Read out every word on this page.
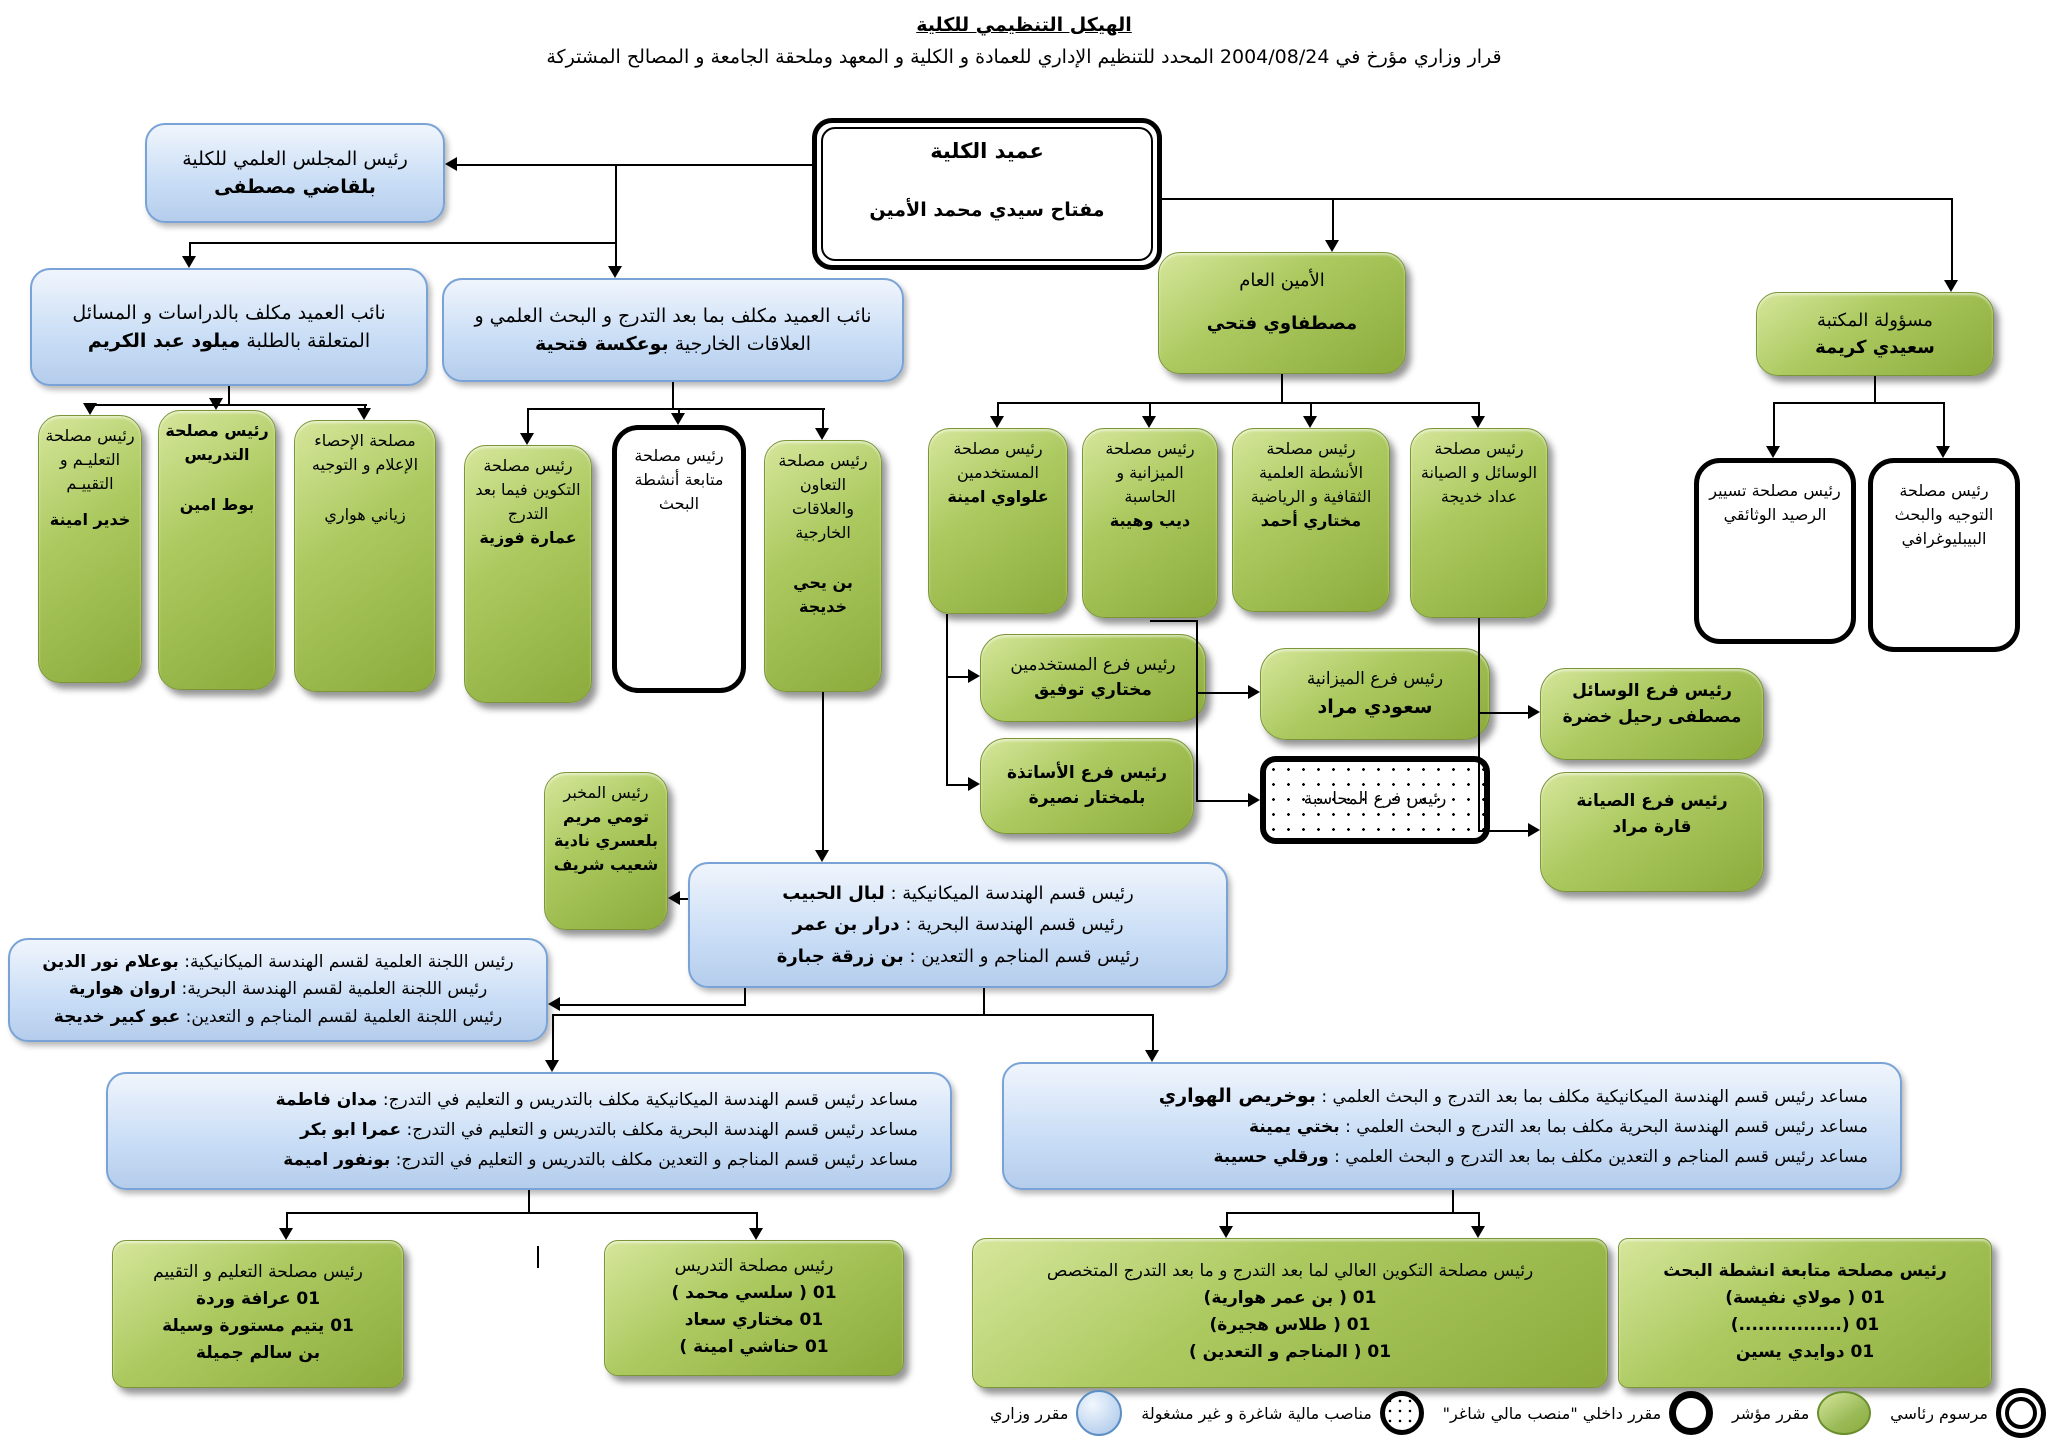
الهيكل التنظيمي للكلية
قرار وزاري مؤرخ في 2004/08/24 المحدد للتنظيم الإداري للعمادة و الكلية و المعهد وملحقة الجامعة و المصالح المشتركة
عميد الكلية
مفتاح سيدي محمد الأمين
رئيس المجلس العلمي للكلية
بلقاضي مصطفى
نائب العميد مكلف بالدراسات و المسائل المتعلقة بالطلبة ميلود عبد الكريم
نائب العميد مكلف بما بعد التدرج و البحث العلمي و العلاقات الخارجية بوعكسة فتحية
الأمين العام
مصطفاوي فتحي	مسؤولة المكتبة
سعيدي كريمة
رئيس مصلحة التعليـم و التقييـم
خدير امينة
رئيس مصلحة التدريس
بوط امين
مصلحة الإحصاء الإعلام و التوجيه
زياني هواري
رئيس مصلحة التكوين فيما بعد التدرج
عمارة فوزية
رئيس مصلحة متابعة أنشطة البحث
رئيس مصلحة التعاون والعلاقات الخارجية
بن يحي خديجة
رئيس مصلحة المستخدمين
علواوي امينة
رئيس مصلحة الميزانية و الحاسبة
ديب وهيبة
رئيس مصلحة الأنشطة العلمية الثقافية و الرياضية
مختاري أحمد
رئيس مصلحة الوسائل و الصيانة
عداد خديجة	رئيس مصلحة تسيير الرصيد الوثائقي
رئيس مصلحة التوجيه والبحث البيبليوغرافي
رئيس فرع المستخدمين
مختاري توفيق
رئيس فرع الأساتذة
بلمختار نصيرة
رئيس فرع الميزانية
سعودي مراد
رئيس فرع المحاسبة
رئيس فرع الوسائل
مصطفى رحيل خضرة
رئيس فرع الصيانة
قارة مراد
رئيس المخبر
تومي مريم
بلعسري نادية
شعيب شريف
رئيس قسم الهندسة الميكانيكية : لبال الحبيب
رئيس قسم الهندسة البحرية : درار بن عمر
رئيس قسم المناجم و التعدين : بن زرقة جبارة
رئيس اللجنة العلمية لقسم الهندسة الميكانيكية: بوعلام نور الدين
رئيس اللجنة العلمية لقسم الهندسة البحرية: اروان هوارية
رئيس اللجنة العلمية لقسم المناجم و التعدين: عبو كبير خديجة
مساعد رئيس قسم الهندسة الميكانيكية مكلف بالتدريس و التعليم في التدرج: مدان فاطمة
مساعد رئيس قسم الهندسة البحرية مكلف بالتدريس و التعليم في التدرج: عمرا ابو بكر
مساعد رئيس قسم المناجم و التعدين مكلف بالتدريس و التعليم في التدرج: بونفور اميمة
مساعد رئيس قسم الهندسة الميكانيكية مكلف بما بعد التدرج و البحث العلمي : بوخريص الهواري
مساعد رئيس قسم الهندسة البحرية مكلف بما بعد التدرج و البحث العلمي : بختي يمينة
مساعد رئيس قسم المناجم و التعدين مكلف بما بعد التدرج و البحث العلمي : ورقلي حسيبة
رئيس مصلحة التعليم و التقييم
01 عرافة وردة
01 يتيم مستورة وسيلة
بن سالم جميلة
رئيس مصلحة التدريس
01 ( سلسي محمد )
01 مختاري سعاد
01 حناشي امينة )
رئيس مصلحة التكوين العالي لما بعد التدرج و ما بعد التدرج المتخصص
01 ( بن عمر هوارية)
01 ( طلاس هجيرة)
01 ( المناجم و التعدين )
رئيس مصلحة متابعة انشطة البحث
01 ( مولاي نفيسة)
01 (................)
01 دوايدي يسين
مقرر وزاري	مناصب مالية شاغرة و غير مشغولة	مقرر داخلي "منصب مالي شاغر"	مقرر مؤشر	مرسوم رئاسي
